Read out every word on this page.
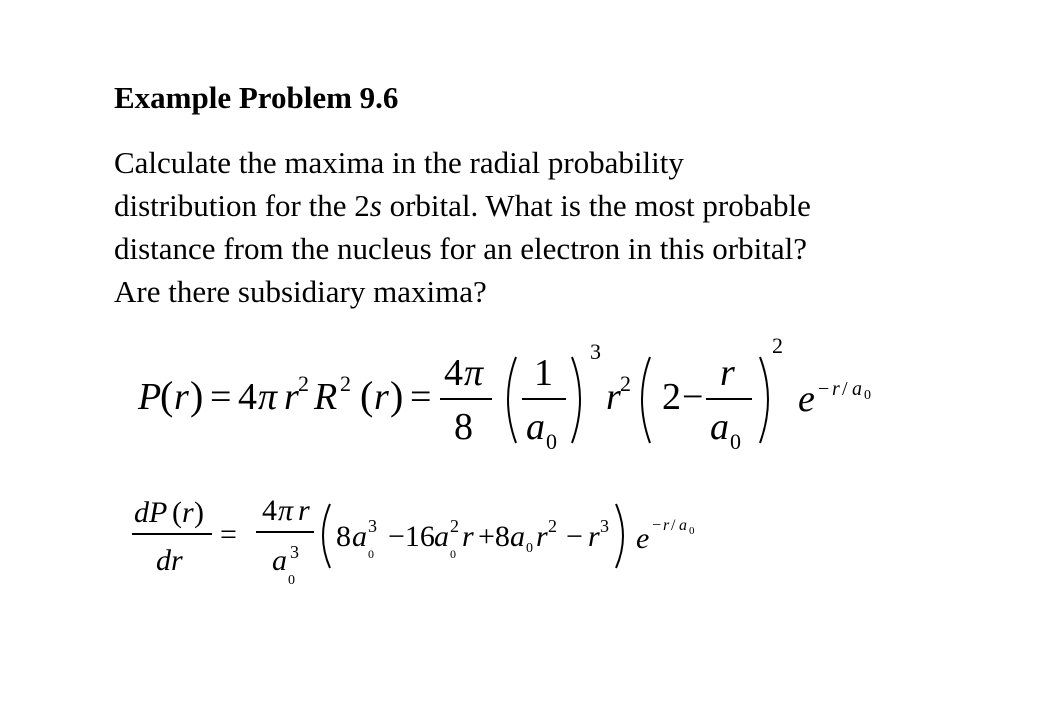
Example Problem 9.6
Calculate the maxima in the radial probability
distribution for the 2s orbital. What is the most probable
distance from the nucleus for an electron in this orbital?
Are there subsidiary maxima?
P
( r ) = 4 π r 2 R 2 ( r ) =
4 π
8
1
a 0
3
r 2 2 −
r
a 0
2
e − r / a 0
dP ( r )
dr
=
4 π r
a 3
0
8 a 3
0
−16 a 2
0
r +8 a 0 r 2 − r 3 e − r / a 0
